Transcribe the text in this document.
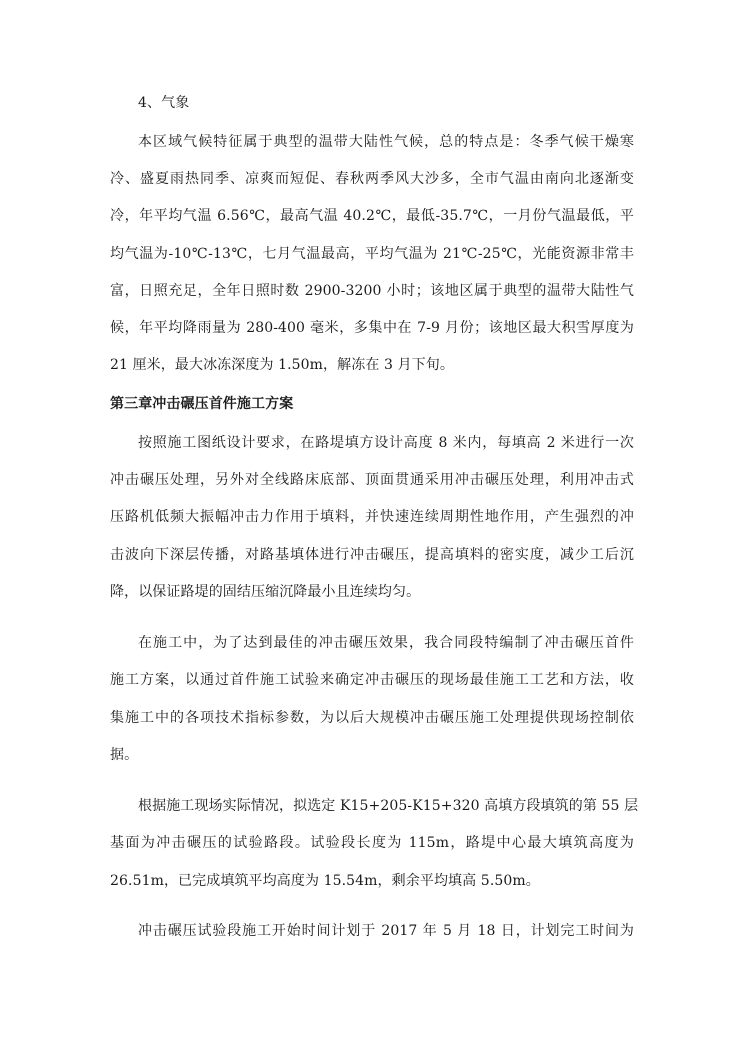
4、气象
本区域气候特征属于典型的温带大陆性气候，总的特点是：冬季气候干燥寒
冷、盛夏雨热同季、凉爽而短促、春秋两季风大沙多，全市气温由南向北逐渐变
冷，年平均气温 6.56℃，最高气温 40.2℃，最低-35.7℃，一月份气温最低，平
均气温为-10℃-13℃，七月气温最高，平均气温为 21℃-25℃，光能资源非常丰
富，日照充足，全年日照时数 2900-3200 小时；该地区属于典型的温带大陆性气
候，年平均降雨量为 280-400 毫米，多集中在 7-9 月份；该地区最大积雪厚度为
21 厘米，最大冰冻深度为 1.50m，解冻在 3 月下旬。
第三章冲击碾压首件施工方案
按照施工图纸设计要求，在路堤填方设计高度 8 米内，每填高 2 米进行一次
冲击碾压处理，另外对全线路床底部、顶面贯通采用冲击碾压处理，利用冲击式
压路机低频大振幅冲击力作用于填料，并快速连续周期性地作用，产生强烈的冲
击波向下深层传播，对路基填体进行冲击碾压，提高填料的密实度，减少工后沉
降，以保证路堤的固结压缩沉降最小且连续均匀。
在施工中，为了达到最佳的冲击碾压效果，我合同段特编制了冲击碾压首件
施工方案，以通过首件施工试验来确定冲击碾压的现场最佳施工工艺和方法，收
集施工中的各项技术指标参数，为以后大规模冲击碾压施工处理提供现场控制依
据。
根据施工现场实际情况，拟选定 K15+205-K15+320 高填方段填筑的第 55 层
基面为冲击碾压的试验路段。试验段长度为 115m，路堤中心最大填筑高度为
26.51m，已完成填筑平均高度为 15.54m，剩余平均填高 5.50m。
冲击碾压试验段施工开始时间计划于 2017 年 5 月 18 日，计划完工时间为
